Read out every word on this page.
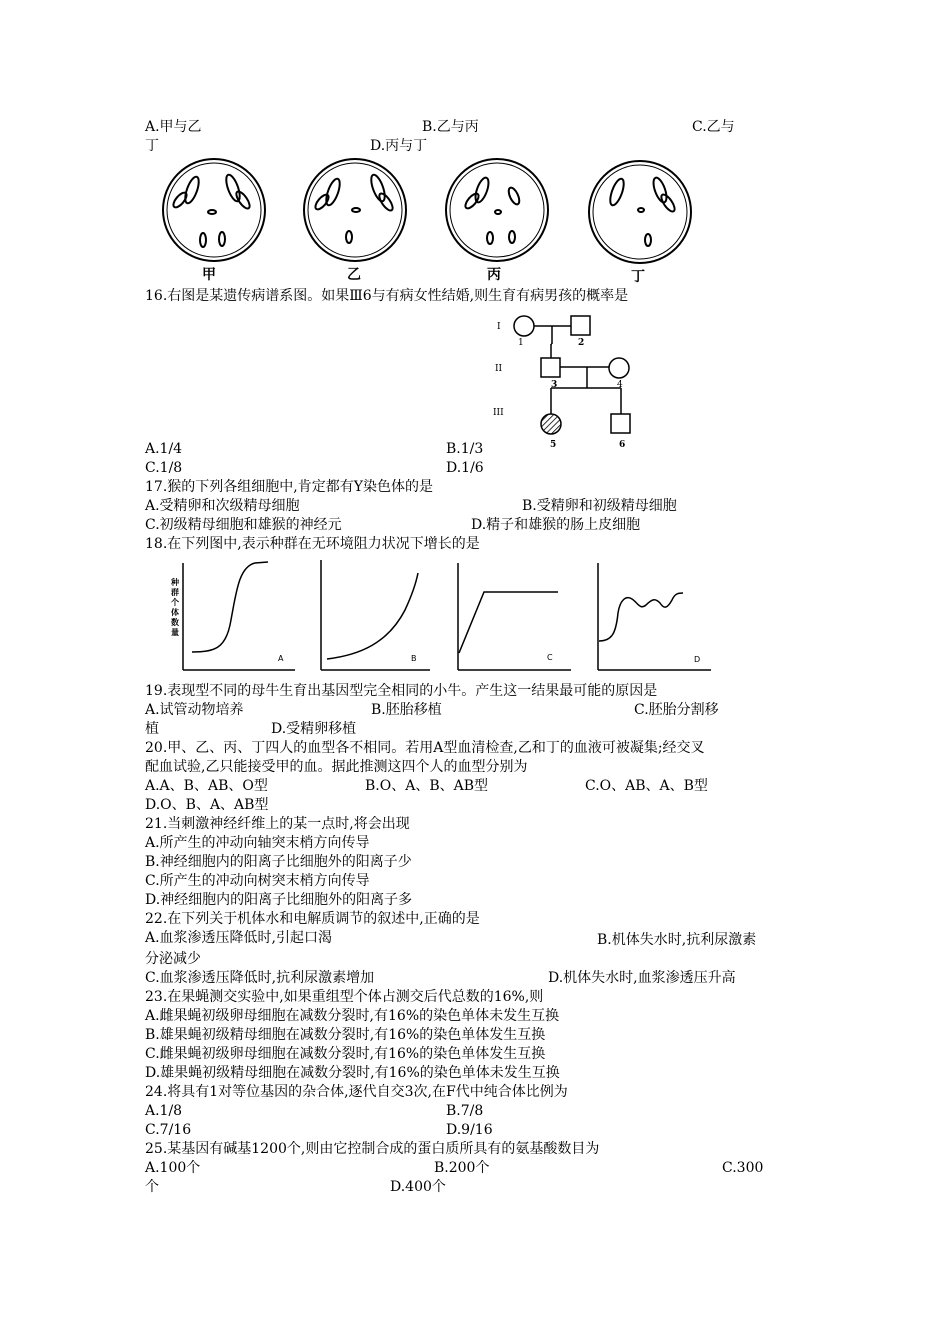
A.甲与乙	B.乙与丙	C.乙与
丁	D.丙与丁
甲	乙	丙	丁
16.右图是某遗传病谱系图。如果Ⅲ6与有病女性结婚,则生育有病男孩的概率是
I
II
III
1	2
3	4
5	6
A.1/4	B.1/3
C.1/8	D.1/6
17.猴的下列各组细胞中,肯定都有Y染色体的是
A.受精卵和次级精母细胞	B.受精卵和初级精母细胞
C.初级精母细胞和雄猴的神经元	D.精子和雄猴的肠上皮细胞
18.在下列图中,表示种群在无环境阻力状况下增长的是
种
群
个
体
数
量
A	B	C	D
19.表现型不同的母牛生育出基因型完全相同的小牛。产生这一结果最可能的原因是
A.试管动物培养	B.胚胎移植	C.胚胎分割移
植	D.受精卵移植
20.甲、乙、丙、丁四人的血型各不相同。若用A型血清检查,乙和丁的血液可被凝集;经交叉
配血试验,乙只能接受甲的血。据此推测这四个人的血型分别为
A.A、B、AB、O型	B.O、A、B、AB型	C.O、AB、A、B型
D.O、B、A、AB型
21.当刺激神经纤维上的某一点时,将会出现
A.所产生的冲动向轴突末梢方向传导
B.神经细胞内的阳离子比细胞外的阳离子少
C.所产生的冲动向树突末梢方向传导
D.神经细胞内的阳离子比细胞外的阳离子多
22.在下列关于机体水和电解质调节的叙述中,正确的是
A.血浆渗透压降低时,引起口渴	B.机体失水时,抗利尿激素
分泌减少
C.血浆渗透压降低时,抗利尿激素增加	D.机体失水时,血浆渗透压升高
23.在果蝇测交实验中,如果重组型个体占测交后代总数的16%,则
A.雌果蝇初级卵母细胞在减数分裂时,有16%的染色单体未发生互换
B.雄果蝇初级精母细胞在减数分裂时,有16%的染色单体发生互换
C.雌果蝇初级卵母细胞在减数分裂时,有16%的染色单体发生互换
D.雄果蝇初级精母细胞在减数分裂时,有16%的染色单体未发生互换
24.将具有1对等位基因的杂合体,逐代自交3次,在F代中纯合体比例为
A.1/8	B.7/8
C.7/16	D.9/16
25.某基因有碱基1200个,则由它控制合成的蛋白质所具有的氨基酸数目为
A.100个	B.200个	C.300
个	D.400个
